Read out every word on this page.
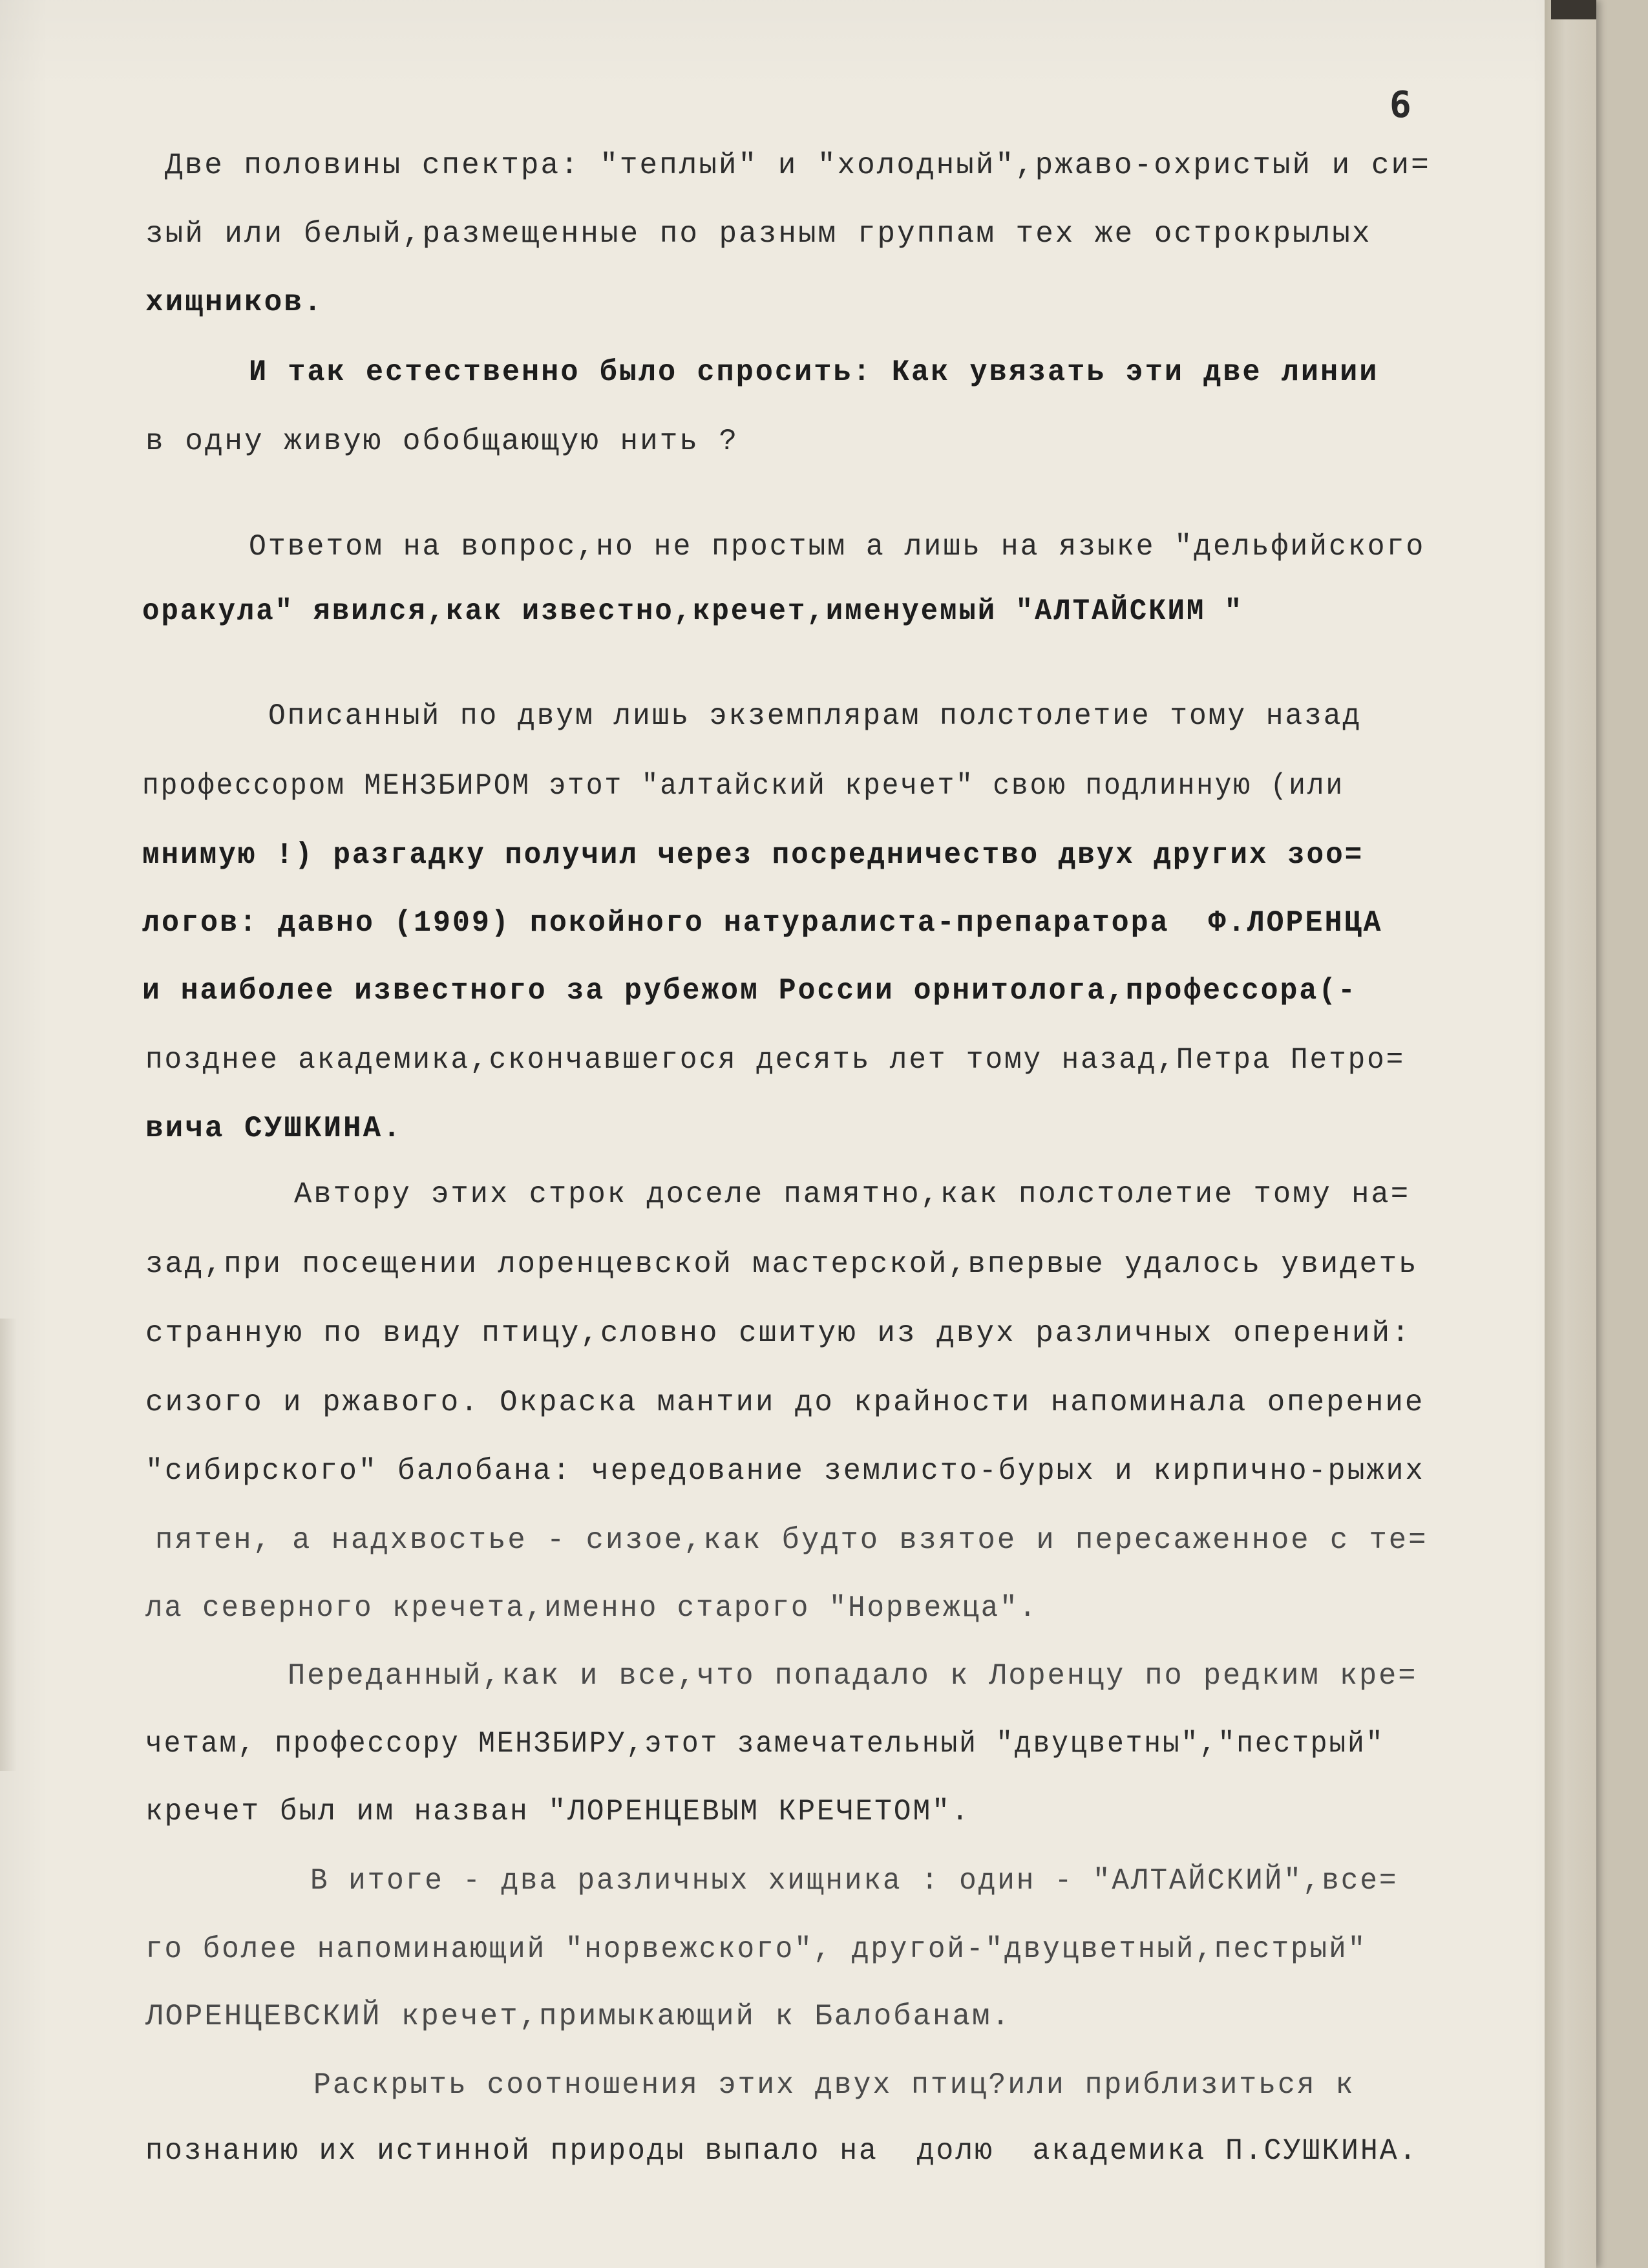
6
Две половины спектра: "теплый" и "холодный",ржаво-охристый и си=
зый или белый,размещенные по разным группам тех же острокрылых
хищников.
И так естественно было спросить: Как увязать эти две линии
в одну живую обобщающую нить ?
Ответом на вопрос,но не простым а лишь на языке "дельфийского
оракула" явился,как известно,кречет,именуемый "АЛТАЙСКИМ "
Описанный по двум лишь экземплярам полстолетие тому назад
профессором МЕНЗБИРОМ этот "алтайский кречет" свою подлинную (или
мнимую !) разгадку получил через посредничество двух других зоо=
логов: давно (1909) покойного натуралиста-препаратора  Ф.ЛОРЕНЦА
и наиболее известного за рубежом России орнитолога,профессора(-
позднее академика,скончавшегося десять лет тому назад,Петра Петро=
вича СУШКИНА.
Автору этих строк доселе памятно,как полстолетие тому на=
зад,при посещении лоренцевской мастерской,впервые удалось увидеть
странную по виду птицу,словно сшитую из двух различных оперений:
сизого и ржавого. Окраска мантии до крайности напоминала оперение
"сибирского" балобана: чередование землисто-бурых и кирпично-рыжих
пятен, а надхвостье - сизое,как будто взятое и пересаженное с те=
ла северного кречета,именно старого "Норвежца".
Переданный,как и все,что попадало к Лоренцу по редким кре=
четам, профессору МЕНЗБИРУ,этот замечательный "двуцветны","пестрый"
кречет был им назван "ЛОРЕНЦЕВЫМ КРЕЧЕТОМ".
В итоге - два различных хищника : один - "АЛТАЙСКИЙ",все=
го более напоминающий "норвежского", другой-"двуцветный,пестрый"
ЛОРЕНЦЕВСКИЙ кречет,примыкающий к Балобанам.
Раскрыть соотношения этих двух птиц?или приблизиться к
познанию их истинной природы выпало на  долю  академика П.СУШКИНА.
